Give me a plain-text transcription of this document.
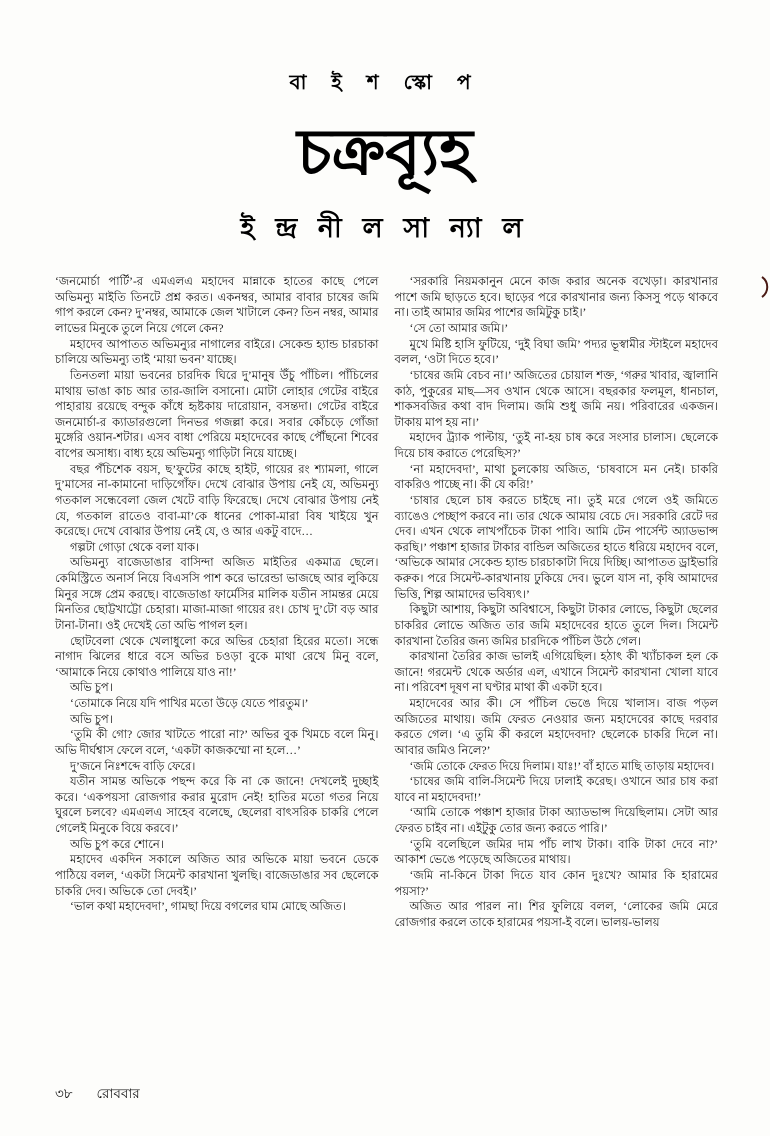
বা ই শ স্কো প
চক্রব্যূহ
ই ন্দ্র নী ল সা ন্যা ল

‘জনমোর্চা পার্টি’-র এমএলএ মহাদেব মান্নাকে হাতের কাছে পেলে অভিমন্যু মাইতি তিনটে প্রশ্ন করত। একনম্বর, আমার বাবার চাষের জমি গাপ করলে কেন? দু’নম্বর, আমাকে জেল খাটালে কেন? তিন নম্বর, আমার লাভের মিনুকে তুলে নিয়ে গেলে কেন?

মহাদেব আপাতত অভিমন্যুর নাগালের বাইরে। সেকেন্ড হ্যান্ড চারচাকা চালিয়ে অভিমন্যু তাই ‘মায়া ভবন’ যাচ্ছে।

তিনতলা মায়া ভবনের চারদিক ঘিরে দু’মানুষ উঁচু পাঁচিল। পাঁচিলের মাথায় ভাঙা কাচ আর তার-জালি বসানো। মোটা লোহার গেটের বাইরে পাহারায় রয়েছে বন্দুক কাঁধে হৃষ্টকায় দারোয়ান, বসন্তদা। গেটের বাইরে জনমোর্চা-র ক্যাডারগুলো দিনভর গজল্লা করে। সবার কোঁচড়ে গোঁজা মুঙ্গেরি ওয়ান-শটার। এসব বাধা পেরিয়ে মহাদেবের কাছে পৌঁছনো শিবের বাপের অসাধ্য। বাধ্য হয়ে অভিমন্যু গাড়িটা নিয়ে যাচ্ছে।

বছর পঁচিশেক বয়স, ছ’ফুটের কাছে হাইট, গায়ের রং শ্যামলা, গালে দু’মাসের না-কামানো দাড়িগোঁফ। দেখে বোঝার উপায় নেই যে, অভিমন্যু গতকাল সন্ধেবেলা জেল খেটে বাড়ি ফিরেছে। দেখে বোঝার উপায় নেই যে, গতকাল রাতেও বাবা-মা’কে ধানের পোকা-মারা বিষ খাইয়ে খুন করেছে। দেখে বোঝার উপায় নেই যে, ও আর একটু বাদে…

গল্পটা গোড়া থেকে বলা যাক।

অভিমন্যু বাজেডাঙার বাসিন্দা অজিত মাইতির একমাত্র ছেলে। কেমিস্ট্রিতে অনার্স নিয়ে বিএসসি পাশ করে ভারেন্ডা ভাজছে আর লুকিয়ে মিনুর সঙ্গে প্রেম করছে। বাজেডাঙা ফার্মেসির মালিক যতীন সামন্তর মেয়ে মিনতির ছোট্টখাট্টো চেহারা। মাজা-মাজা গায়ের রং। চোখ দু’টো বড় আর টানা-টানা। ওই দেখেই তো অভি পাগল হল।

ছোটবেলা থেকে খেলাধুলো করে অভির চেহারা হিরের মতো। সন্ধে নাগাদ ঝিলের ধারে বসে অভির চওড়া বুকে মাথা রেখে মিনু বলে, ‘আমাকে নিয়ে কোথাও পালিয়ে যাও না!’

অভি চুপ।

‘তোমাকে নিয়ে যদি পাখির মতো উড়ে যেতে পারতুম।’

অভি চুপ।

‘তুমি কী গো? জোর খাটতে পারো না?’ অভির বুক খিমচে বলে মিনু। অভি দীর্ঘশ্বাস ফেলে বলে, ‘একটা কাজকম্মো না হলে…’

দু’জনে নিঃশব্দে বাড়ি ফেরে।

যতীন সামন্ত অভিকে পছন্দ করে কি না কে জানে! দেখলেই দুচ্ছাই করে। ‘একপয়সা রোজগার করার মুরোদ নেই! হাতির মতো গতর নিয়ে ঘুরলে চলবে? এমএলএ সাহেব বলেছে, ছেলেরা বাৎসরিক চাকরি পেলে গেলেই মিনুকে বিয়ে করবে।’

অভি চুপ করে শোনে।

মহাদেব একদিন সকালে অজিত আর অভিকে মায়া ভবনে ডেকে পাঠিয়ে বলল, ‘একটা সিমেন্ট কারখানা খুলছি। বাজেডাঙার সব ছেলেকে চাকরি দেব। অভিকে তো দেবই।’

‘ভাল কথা মহাদেবদা’, গামছা দিয়ে বগলের ঘাম মোছে অজিত।

‘সরকারি নিয়মকানুন মেনে কাজ করার অনেক বখেড়া। কারখানার পাশে জমি ছাড়তে হবে। ছাড়ের পরে কারখানার জন্য কিসসু পড়ে থাকবে না। তাই আমার জমির পাশের জমিটুকু চাই।’

‘সে তো আমার জমি।’

মুখে মিষ্টি হাসি ফুটিয়ে, ‘দুই বিঘা জমি’ পদ্যর ভূস্বামীর স্টাইলে মহাদেব বলল, ‘ওটা দিতে হবে।’

‘চাষের জমি বেচব না।’ অজিতের চোয়াল শক্ত, ‘গরুর খাবার, জ্বালানি কাঠ, পুকুরের মাছ—সব ওখান থেকে আসে। বছরকার ফলমূল, ধানচাল, শাকসবজির কথা বাদ দিলাম। জমি শুধু জমি নয়। পরিবারের একজন। টাকায় মাপ হয় না।’

মহাদেব ট্র্যাক পাল্টায়, ‘তুই না-হয় চাষ করে সংসার চালাস। ছেলেকে দিয়ে চাষ করাতে পেরেছিস?’

‘না মহাদেবদা’, মাথা চুলকোয় অজিত, ‘চাষবাসে মন নেই। চাকরি বাকরিও পাচ্ছে না। কী যে করি!’

‘চাষার ছেলে চাষ করতে চাইছে না। তুই মরে গেলে ওই জমিতে ব্যাঙেও পেচ্ছাপ করবে না। তার থেকে আমায় বেচে দে। সরকারি রেটে দর দেব। এখন থেকে লাখপাঁচেক টাকা পাবি। আমি টেন পার্সেন্ট অ্যাডভান্স করছি।’ পঞ্চাশ হাজার টাকার বান্ডিল অজিতের হাতে ধরিয়ে মহাদেব বলে, ‘অভিকে আমার সেকেন্ড হ্যান্ড চারচাকাটা দিয়ে দিচ্ছি। আপাতত ড্রাইভারি করুক। পরে সিমেন্ট-কারখানায় ঢুকিয়ে দেব। ভুলে যাস না, কৃষি আমাদের ভিত্তি, শিল্প আমাদের ভবিষ্যৎ।’

কিছুটা আশায়, কিছুটা অবিশ্বাসে, কিছুটা টাকার লোভে, কিছুটা ছেলের চাকরির লোভে অজিত তার জমি মহাদেবের হাতে তুলে দিল। সিমেন্ট কারখানা তৈরির জন্য জমির চারদিকে পাঁচিল উঠে গেল।

কারখানা তৈরির কাজ ভালই এগিয়েছিল। হঠাৎ কী খ্যাঁচাকল হল কে জানে! গরমেন্ট থেকে অর্ডার এল, এখানে সিমেন্ট কারখানা খোলা যাবে না। পরিবেশ দূষণ না ঘণ্টার মাথা কী একটা হবে।

মহাদেবের আর কী। সে পাঁচিল ভেঙে দিয়ে খালাস। বাজ পড়ল অজিতের মাথায়। জমি ফেরত নেওয়ার জন্য মহাদেবের কাছে দরবার করতে গেল। ‘এ তুমি কী করলে মহাদেবদা? ছেলেকে চাকরি দিলে না। আবার জমিও নিলে?’

‘জমি তোকে ফেরত দিয়ে দিলাম। যাঃ!’ বাঁ হাতে মাছি তাড়ায় মহাদেব।

‘চাষের জমি বালি-সিমেন্ট দিয়ে ঢালাই করেছ। ওখানে আর চাষ করা যাবে না মহাদেবদা!’

‘আমি তোকে পঞ্চাশ হাজার টাকা অ্যাডভান্স দিয়েছিলাম। সেটা আর ফেরত চাইব না। এইটুকু তোর জন্য করতে পারি।’

‘তুমি বলেছিলে জমির দাম পাঁচ লাখ টাকা। বাকি টাকা দেবে না?’ আকাশ ভেঙে পড়েছে অজিতের মাথায়।

‘জমি না-কিনে টাকা দিতে যাব কোন দুঃখে? আমার কি হারামের পয়সা?’

অজিত আর পারল না। শির ফুলিয়ে বলল, ‘লোকের জমি মেরে রোজগার করলে তাকে হারামের পয়সা-ই বলে। ভালয়-ভালয়

৩৮ রোববার
